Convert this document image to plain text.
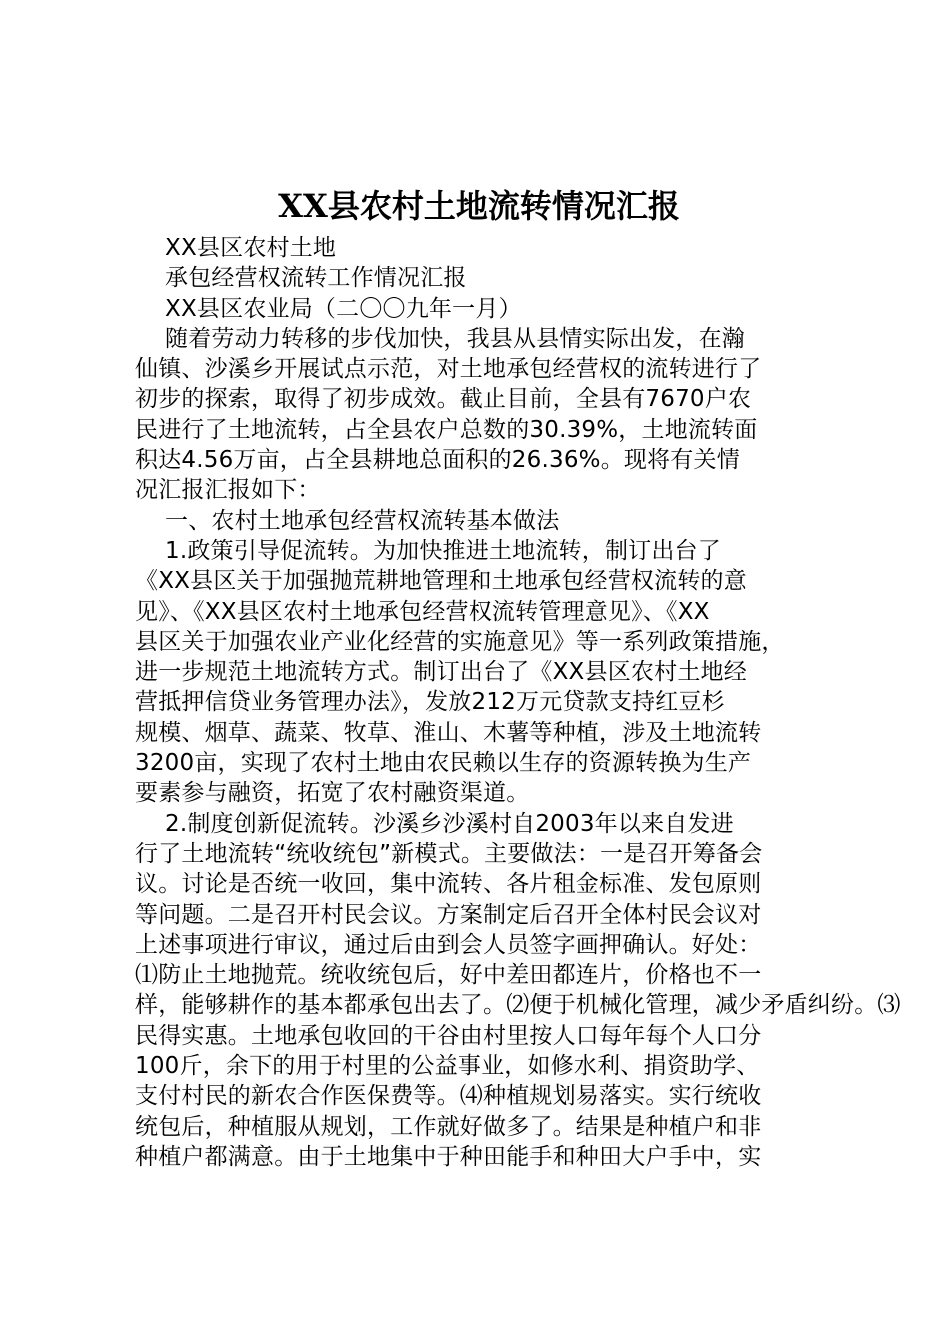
XX县农村土地流转情况汇报
XX县区农村土地
承包经营权流转工作情况汇报
XX县区农业局（二〇〇九年一月）
随着劳动力转移的步伐加快，我县从县情实际出发，在瀚
仙镇、沙溪乡开展试点示范，对土地承包经营权的流转进行了
初步的探索，取得了初步成效。截止目前，全县有7670户农
民进行了土地流转，占全县农户总数的30.39%，土地流转面
积达4.56万亩，占全县耕地总面积的26.36%。现将有关情
况汇报汇报如下：
一、农村土地承包经营权流转基本做法
1.政策引导促流转。为加快推进土地流转，制订出台了
《XX县区关于加强抛荒耕地管理和土地承包经营权流转的意
见》、《XX县区农村土地承包经营权流转管理意见》、《XX
县区关于加强农业产业化经营的实施意见》等一系列政策措施，
进一步规范土地流转方式。制订出台了《XX县区农村土地经
营抵押信贷业务管理办法》，发放212万元贷款支持红豆杉
规模、烟草、蔬菜、牧草、淮山、木薯等种植，涉及土地流转
3200亩，实现了农村土地由农民赖以生存的资源转换为生产
要素参与融资，拓宽了农村融资渠道。
2.制度创新促流转。沙溪乡沙溪村自2003年以来自发进
行了土地流转“统收统包”新模式。主要做法：一是召开筹备会
议。讨论是否统一收回，集中流转、各片租金标准、发包原则
等问题。二是召开村民会议。方案制定后召开全体村民会议对
上述事项进行审议，通过后由到会人员签字画押确认。好处：
⑴防止土地抛荒。统收统包后，好中差田都连片，价格也不一
样，能够耕作的基本都承包出去了。⑵便于机械化管理，减少矛盾纠纷。⑶
民得实惠。土地承包收回的干谷由村里按人口每年每个人口分
100斤，余下的用于村里的公益事业，如修水利、捐资助学、
支付村民的新农合作医保费等。⑷种植规划易落实。实行统收
统包后，种植服从规划，工作就好做多了。结果是种植户和非
种植户都满意。由于土地集中于种田能手和种田大户手中，实
